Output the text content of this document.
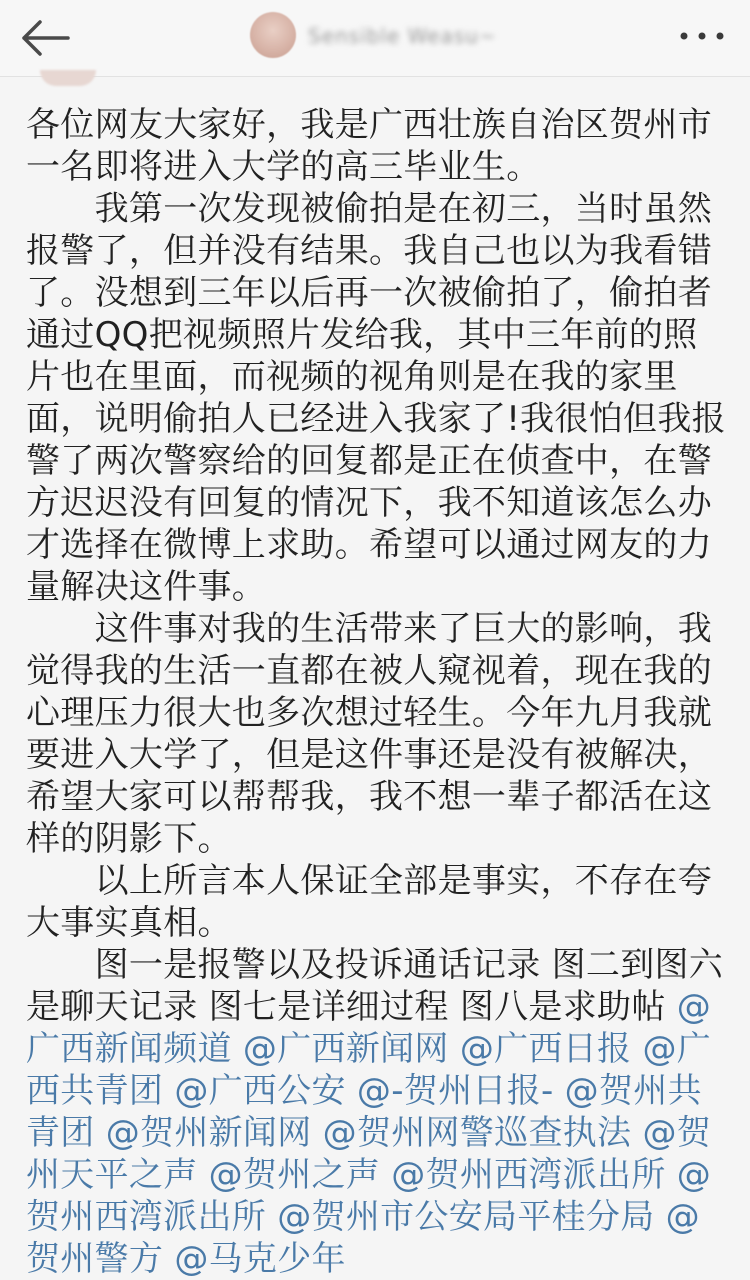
Sensible Weasu~

各位网友大家好，我是广西壮族自治区贺州市一名即将进入大学的高三毕业生。

　　我第一次发现被偷拍是在初三，当时虽然报警了，但并没有结果。我自己也以为我看错了。没想到三年以后再一次被偷拍了，偷拍者通过QQ把视频照片发给我，其中三年前的照片也在里面，而视频的视角则是在我的家里面，说明偷拍人已经进入我家了!我很怕但我报警了两次警察给的回复都是正在侦查中，在警方迟迟没有回复的情况下，我不知道该怎么办才选择在微博上求助。希望可以通过网友的力量解决这件事。

　　这件事对我的生活带来了巨大的影响，我觉得我的生活一直都在被人窥视着，现在我的心理压力很大也多次想过轻生。今年九月我就要进入大学了，但是这件事还是没有被解决，希望大家可以帮帮我，我不想一辈子都活在这样的阴影下。

　　以上所言本人保证全部是事实，不存在夸大事实真相。

　　图一是报警以及投诉通话记录 图二到图六是聊天记录 图七是详细过程 图八是求助帖 @广西新闻频道 @广西新闻网 @广西日报 @广西共青团 @广西公安 @-贺州日报- @贺州共青团 @贺州新闻网 @贺州网警巡查执法 @贺州天平之声 @贺州之声 @贺州西湾派出所 @贺州西湾派出所 @贺州市公安局平桂分局 @贺州警方 @马克少年
